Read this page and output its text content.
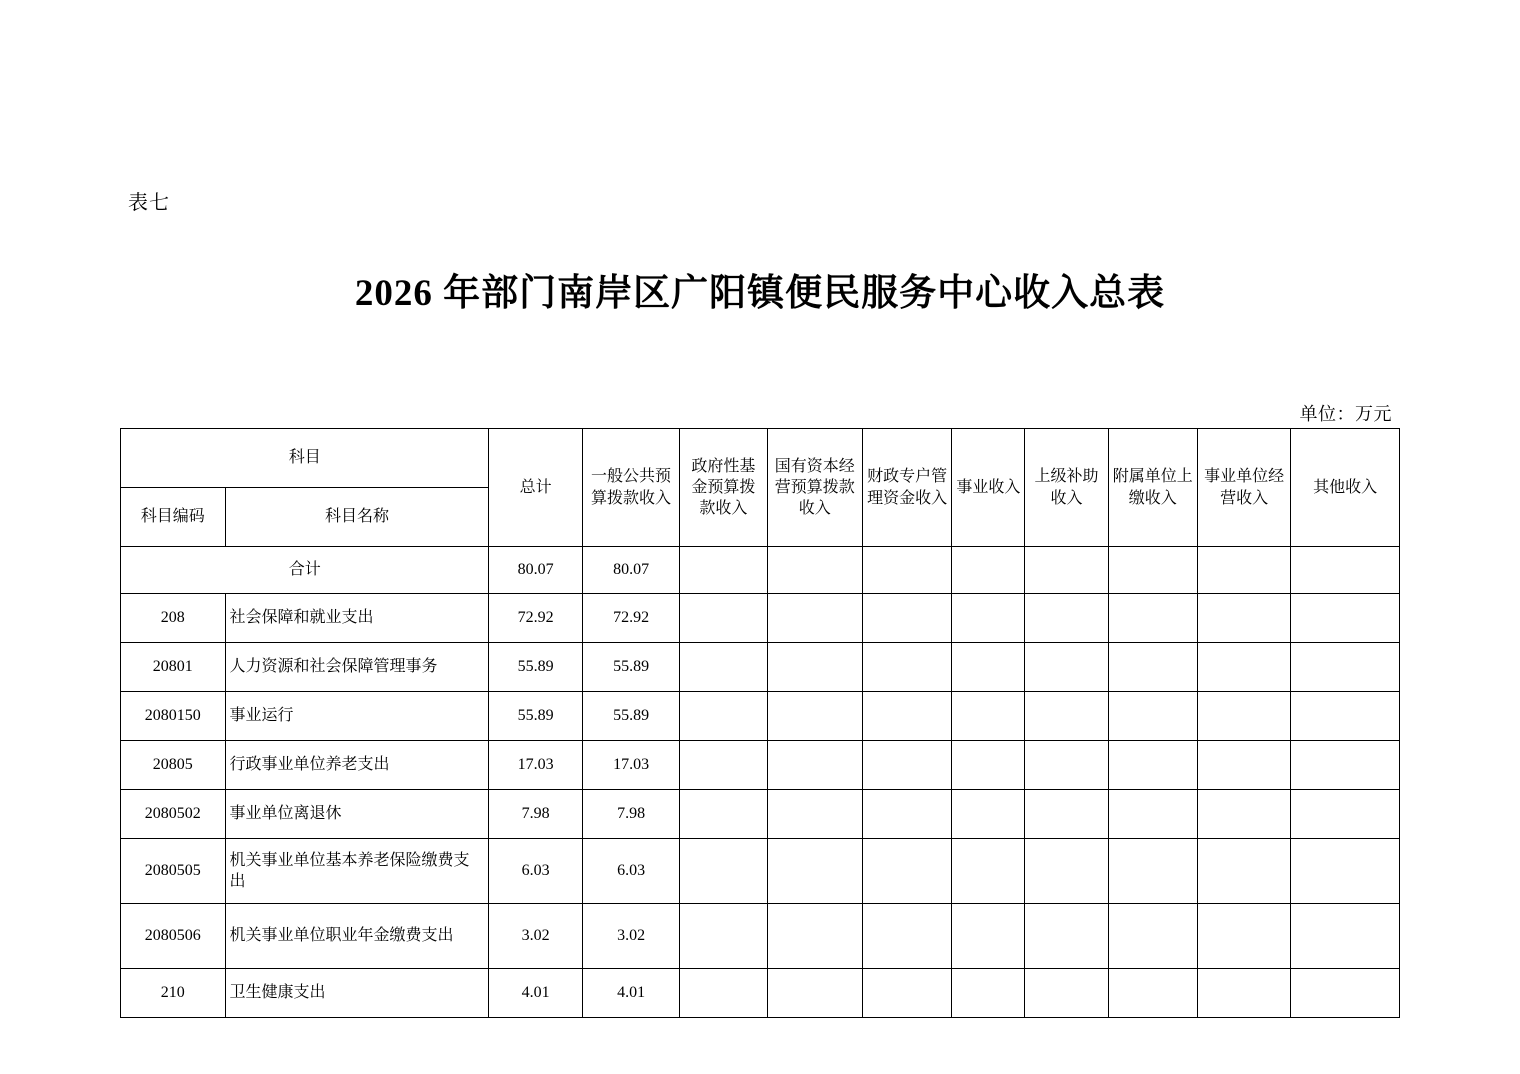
表七
2026 年部门南岸区广阳镇便民服务中心收入总表
单位：万元
科目		总计	一般公共预算拨款收入	政府性基金预算拨款收入	国有资本经营预算拨款收入	财政专户管理资金收入	事业收入	上级补助收入	附属单位上缴收入	事业单位经营收入	其他收入
科目编码	科目名称										
合计		80.07	80.07								
208	社会保障和就业支出	72.92	72.92								
20801	人力资源和社会保障管理事务	55.89	55.89								
2080150	事业运行	55.89	55.89								
20805	行政事业单位养老支出	17.03	17.03								
2080502	事业单位离退休	7.98	7.98								
2080505	机关事业单位基本养老保险缴费支出	6.03	6.03								
2080506	机关事业单位职业年金缴费支出	3.02	3.02								
210	卫生健康支出	4.01	4.01								
